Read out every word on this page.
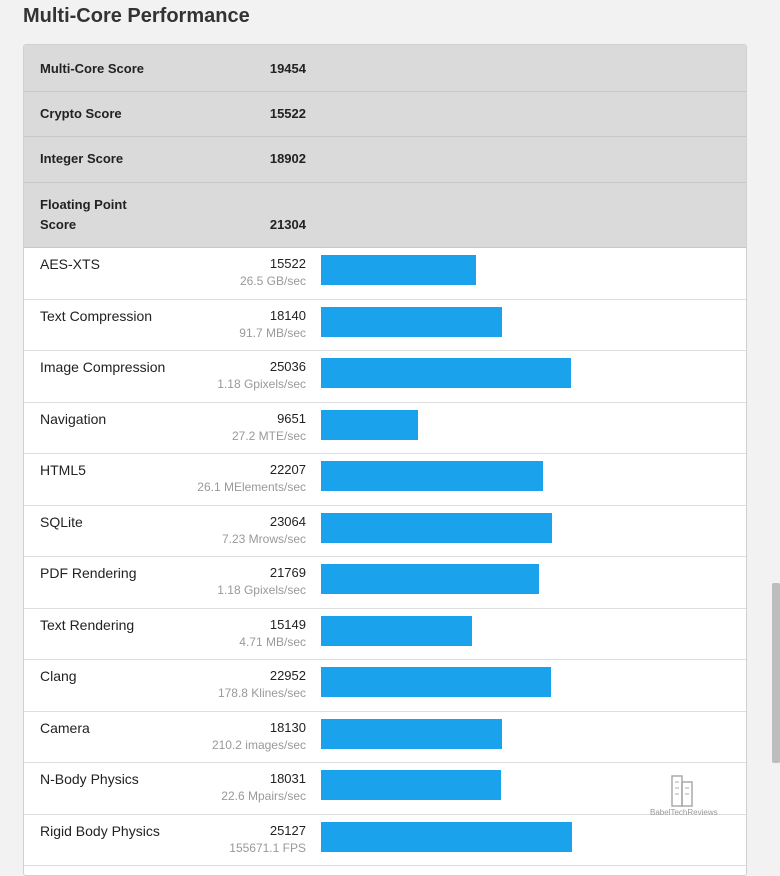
Multi-Core Performance
Multi-Core Score	19454
Crypto Score	15522
Integer Score	18902
Floating Point Score	21304
AES-XTS	15522
26.5 GB/sec
Text Compression	18140
91.7 MB/sec
Image Compression	25036
1.18 Gpixels/sec
Navigation	9651
27.2 MTE/sec
HTML5	22207
26.1 MElements/sec
SQLite	23064
7.23 Mrows/sec
PDF Rendering	21769
1.18 Gpixels/sec
Text Rendering	15149
4.71 MB/sec
Clang	22952
178.8 Klines/sec
Camera	18130
210.2 images/sec
N-Body Physics	18031
22.6 Mpairs/sec
Rigid Body Physics	25127
155671.1 FPS
BabelTechReviews
